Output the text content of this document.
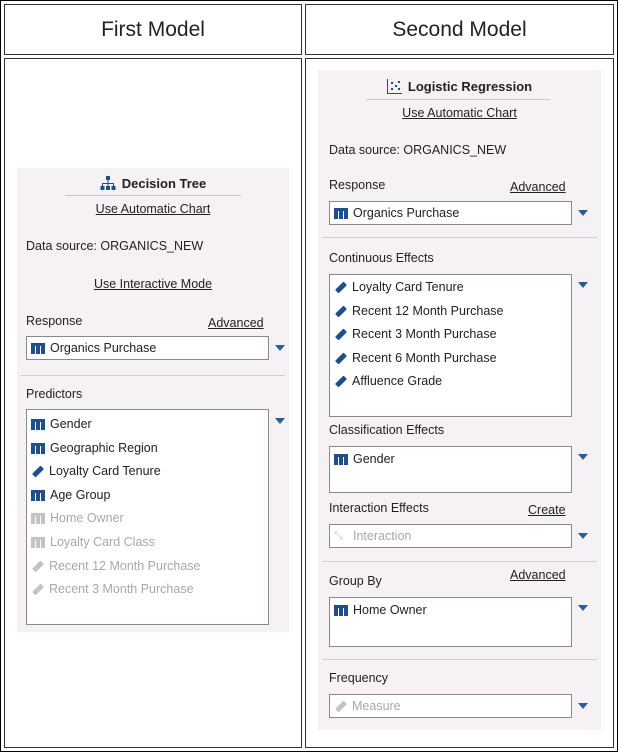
First Model	Second Model
Decision Tree
Use Automatic Chart
Data source: ORGANICS_NEW
Use Interactive Mode
Response	Advanced
Organics Purchase
Predictors
Gender
Geographic Region
Loyalty Card Tenure
Age Group
Home Owner
Loyalty Card Class
Recent 12 Month Purchase
Recent 3 Month Purchase
Logistic Regression
Use Automatic Chart
Data source: ORGANICS_NEW
Response	Advanced
Organics Purchase
Continuous Effects
Loyalty Card Tenure
Recent 12 Month Purchase
Recent 3 Month Purchase
Recent 6 Month Purchase
Affluence Grade
Classification Effects
Gender
Interaction Effects	Create
⤡ Interaction
Group By	Advanced
Home Owner
Frequency
Measure
